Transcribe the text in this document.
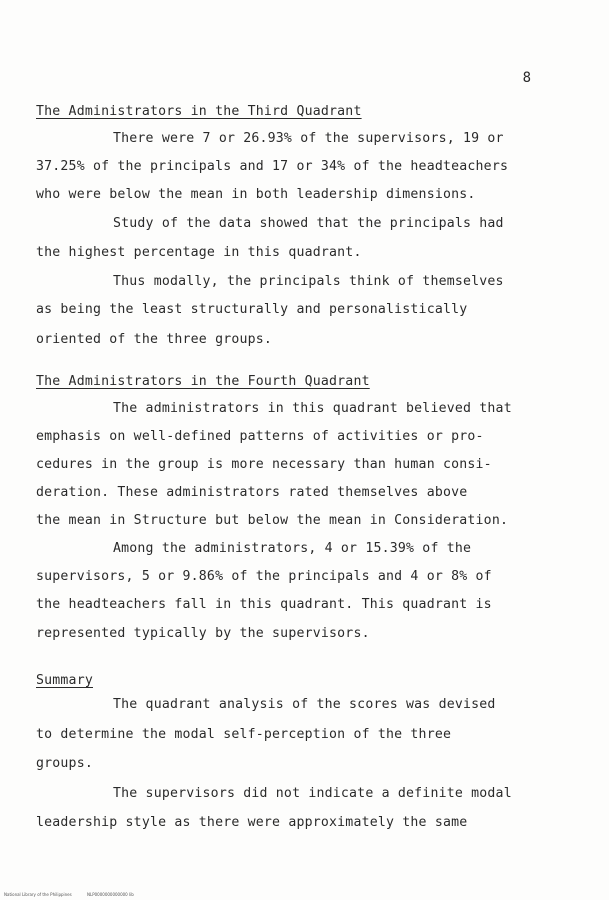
8
The Administrators in the Third Quadrant
There were 7 or 26.93% of the supervisors, 19 or
37.25% of the principals and 17 or 34% of the headteachers
who were below the mean in both leadership dimensions.
Study of the data showed that the principals had
the highest percentage in this quadrant.
Thus modally, the principals think of themselves
as being the least structurally and personalistically
oriented of the three groups.
The Administrators in the Fourth Quadrant
The administrators in this quadrant believed that
emphasis on well-defined patterns of activities or pro-
cedures in the group is more necessary than human consi-
deration. These administrators rated themselves above
the mean in Structure but below the mean in Consideration.
Among the administrators, 4 or 15.39% of the
supervisors, 5 or 9.86% of the principals and 4 or 8% of
the headteachers fall in this quadrant. This quadrant is
represented typically by the supervisors.
Summary
The quadrant analysis of the scores was devised
to determine the modal self-perception of the three
groups.
The supervisors did not indicate a definite modal
leadership style as there were approximately the same
National Library of the Philippines	NLP0000000000000 lib
